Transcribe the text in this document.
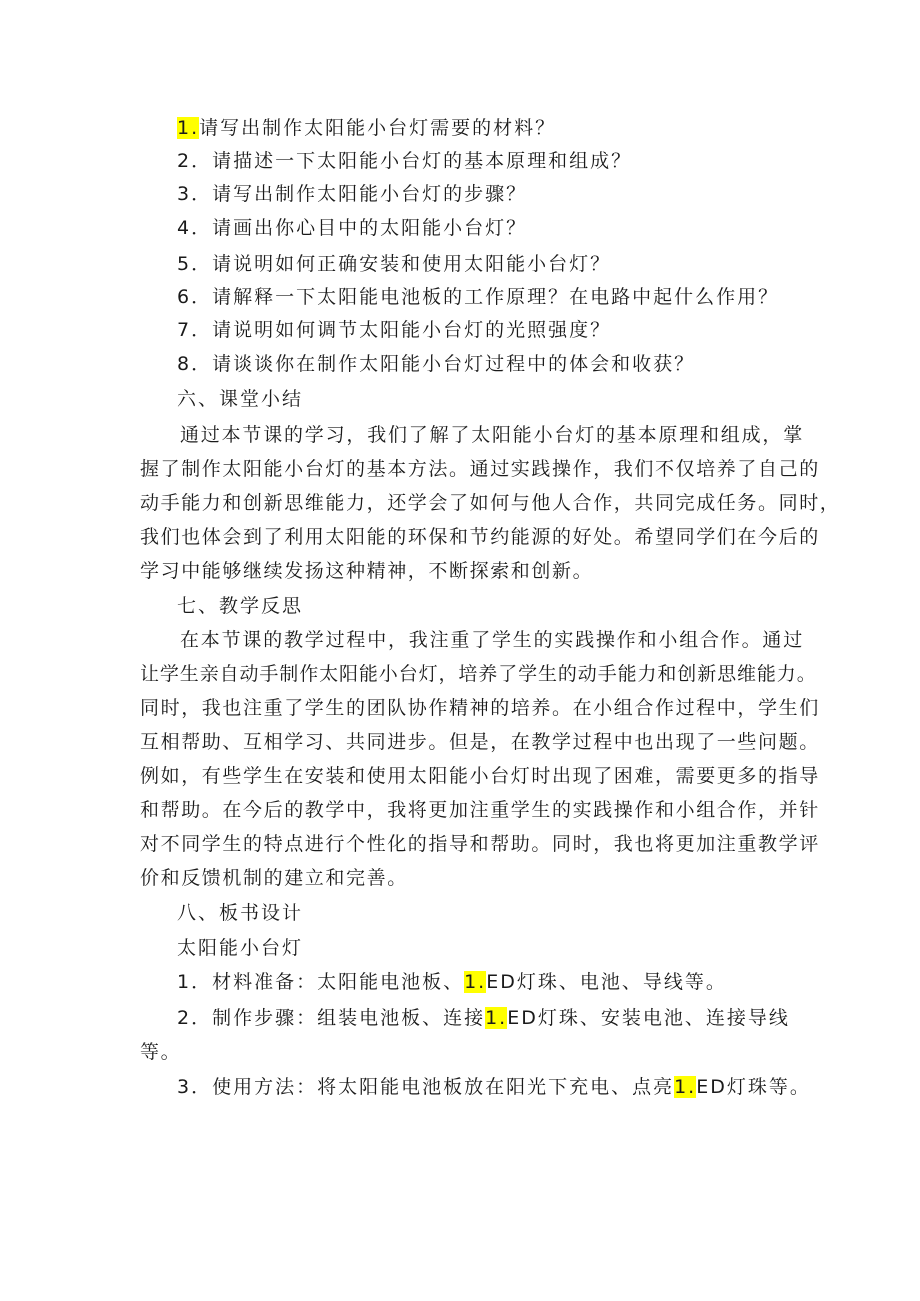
1.请写出制作太阳能小台灯需要的材料？
2．请描述一下太阳能小台灯的基本原理和组成？
3．请写出制作太阳能小台灯的步骤？
4．请画出你心目中的太阳能小台灯？
5．请说明如何正确安装和使用太阳能小台灯？
6．请解释一下太阳能电池板的工作原理？在电路中起什么作用？
7．请说明如何调节太阳能小台灯的光照强度？
8．请谈谈你在制作太阳能小台灯过程中的体会和收获？
六、课堂小结
通过本节课的学习，我们了解了太阳能小台灯的基本原理和组成，掌
握了制作太阳能小台灯的基本方法。通过实践操作，我们不仅培养了自己的
动手能力和创新思维能力，还学会了如何与他人合作，共同完成任务。同时，
我们也体会到了利用太阳能的环保和节约能源的好处。希望同学们在今后的
学习中能够继续发扬这种精神，不断探索和创新。
七、教学反思
在本节课的教学过程中，我注重了学生的实践操作和小组合作。通过
让学生亲自动手制作太阳能小台灯，培养了学生的动手能力和创新思维能力。
同时，我也注重了学生的团队协作精神的培养。在小组合作过程中，学生们
互相帮助、互相学习、共同进步。但是，在教学过程中也出现了一些问题。
例如，有些学生在安装和使用太阳能小台灯时出现了困难，需要更多的指导
和帮助。在今后的教学中，我将更加注重学生的实践操作和小组合作，并针
对不同学生的特点进行个性化的指导和帮助。同时，我也将更加注重教学评
价和反馈机制的建立和完善。
八、板书设计
太阳能小台灯
1．材料准备：太阳能电池板、1.ED灯珠、电池、导线等。
2．制作步骤：组装电池板、连接1.ED灯珠、安装电池、连接导线
等。
3．使用方法：将太阳能电池板放在阳光下充电、点亮1.ED灯珠等。
